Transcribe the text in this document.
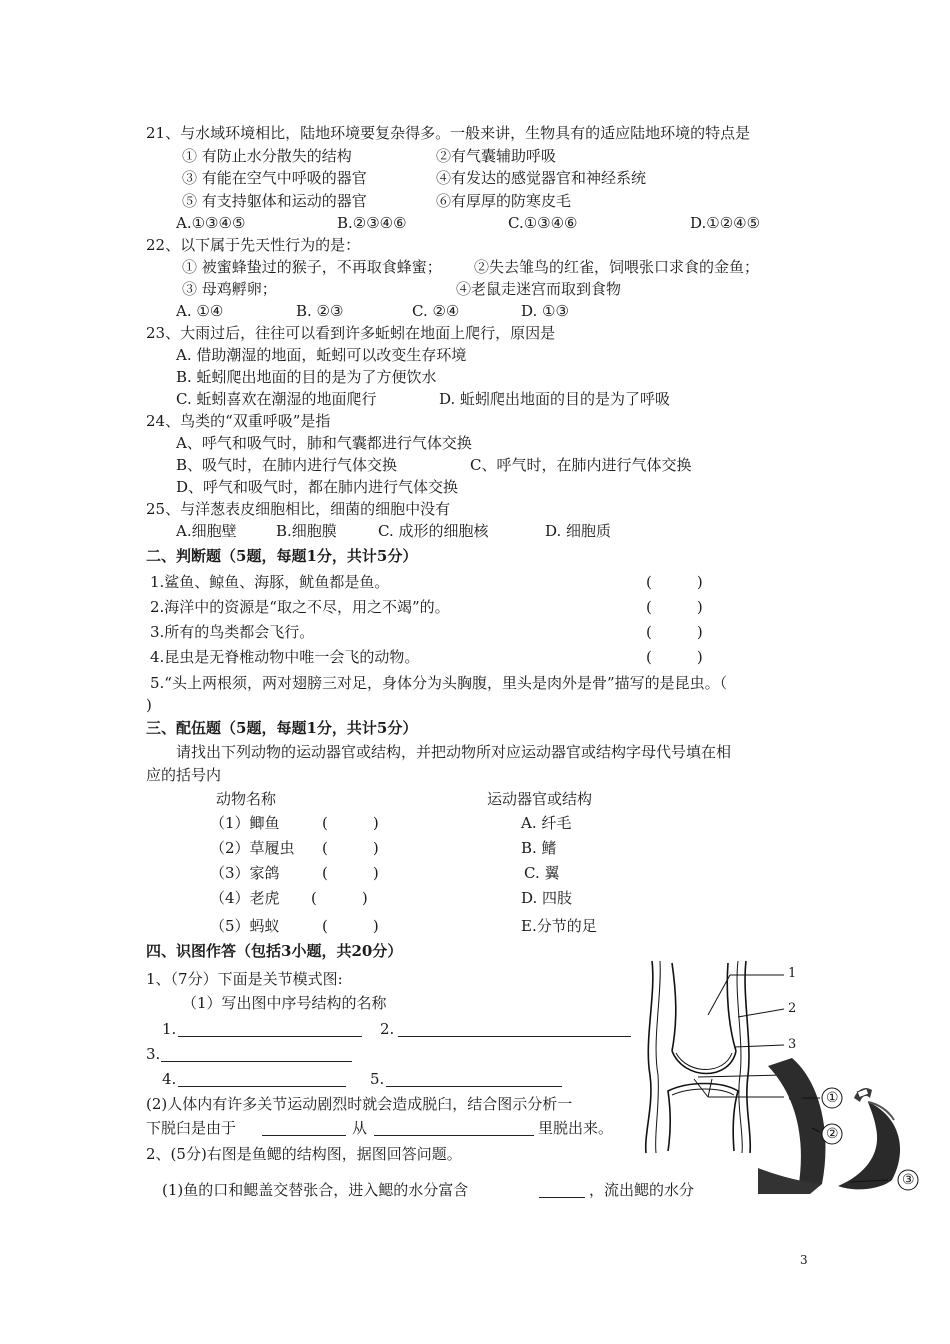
21、与水域环境相比，陆地环境要复杂得多。一般来讲，生物具有的适应陆地环境的特点是
① 有防止水分散失的结构	②有气囊辅助呼吸
③ 有能在空气中呼吸的器官	④有发达的感觉器官和神经系统
⑤ 有支持躯体和运动的器官	⑥有厚厚的防寒皮毛
A.①③④⑤	B.②③④⑥	C.①③④⑥	D.①②④⑤
22、以下属于先天性行为的是：
① 被蜜蜂蛰过的猴子，不再取食蜂蜜； ②失去雏鸟的红雀，饲喂张口求食的金鱼；
③ 母鸡孵卵；	④老鼠走迷宫而取到食物
A. ①④	B. ②③	C. ②④	D. ①③
23、大雨过后，往往可以看到许多蚯蚓在地面上爬行，原因是
A. 借助潮湿的地面，蚯蚓可以改变生存环境
B. 蚯蚓爬出地面的目的是为了方便饮水
C. 蚯蚓喜欢在潮湿的地面爬行	D. 蚯蚓爬出地面的目的是为了呼吸
24、鸟类的“双重呼吸”是指
A、呼气和吸气时，肺和气囊都进行气体交换
B、吸气时，在肺内进行气体交换	C、呼气时，在肺内进行气体交换
D、呼气和吸气时，都在肺内进行气体交换
25、与洋葱表皮细胞相比，细菌的细胞中没有
A.细胞壁	B.细胞膜	C. 成形的细胞核	D. 细胞质
二、判断题（5题，每题1分，共计5分）
1.鲨鱼、鲸鱼、海豚，鱿鱼都是鱼。	(　　　)
2.海洋中的资源是“取之不尽，用之不竭”的。	(　　　)
3.所有的鸟类都会飞行。	(　　　)
4.昆虫是无脊椎动物中唯一会飞的动物。	(　　　)
5.“头上两根须，两对翅膀三对足，身体分为头胸腹，里头是肉外是骨”描写的是昆虫。（
)
三、配伍题（5题，每题1分，共计5分）
请找出下列动物的运动器官或结构，并把动物所对应运动器官或结构字母代号填在相
应的括号内
动物名称	运动器官或结构
（1）鲫鱼	(　　　)	A. 纤毛
（2）草履虫 (　　　)	B. 鳍
（3）家鸽	(　　　)	C. 翼
（4）老虎 (　　　)	D. 四肢
（5）蚂蚁	(　　　)	E.分节的足
四、识图作答（包括3小题，共20分）
1、（7分）下面是关节模式图:
（1）写出图中序号结构的名称
1.	2.
3.
4.	5.
(2)人体内有许多关节运动剧烈时就会造成脱臼，结合图示分析一
下脱臼是由于	从	里脱出来。
2、(5分)右图是鱼鳃的结构图，据图回答问题。
(1)鱼的口和鳃盖交替张合，进入鳃的水分富含	，流出鳃的水分
1
2
3
①
②
③
3
